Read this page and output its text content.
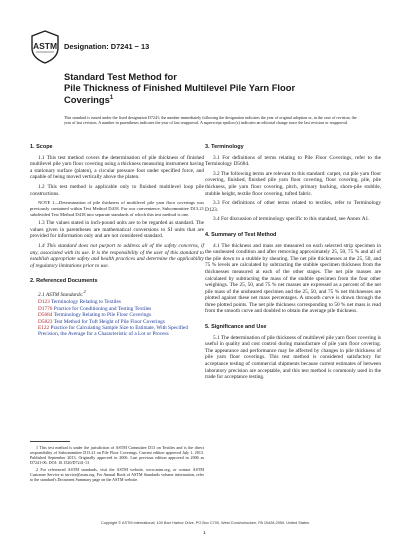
ASTM Designation: D7241 − 13
Standard Test Method for
Pile Thickness of Finished Multilevel Pile Yarn Floor
Coverings$^1$
This standard is issued under the fixed designation D7241; the number immediately following the designation indicates the year of original adoption or, in the case of revision, the year of last revision. A number in parentheses indicates the year of last reapproval. A superscript epsilon (ε) indicates an editorial change since the last revision or reapproval.
1. Scope

1.1 This test method covers the determination of pile thickness of finished multilevel pile yarn floor covering using a thickness measuring instrument having a stationary surface (platen), a circular pressure foot under specified force, and capable of being moved vertically above the platen.

1.2 This test method is applicable only to finished multilevel loop pile constructions.

NOTE 1—Determination of pile thickness of multilevel pile yarn floor coverings was previously contained within Test Method D418. For our convenience, Subcommittee D13.21 subdivided Test Method D418 into separate standards of which this test method is one.

1.3 The values stated in inch-pound units are to be regarded as standard. The values given in parentheses are mathematical conversions to SI units that are provided for information only and are not considered standard.

1.4 This standard does not purport to address all of the safety concerns, if any, associated with its use. It is the responsibility of the user of this standard to establish appropriate safety and health practices and determine the applicability of regulatory limitations prior to use.

2. Referenced Documents
2.1 ASTM Standards:$^2$
D123 Terminology Relating to Textiles
D1776 Practice for Conditioning and Testing Textiles
D5684 Terminology Relating to Pile Floor Coverings
D5823 Test Method for Tuft Height of Pile Floor Coverings
E122 Practice for Calculating Sample Size to Estimate, With Specified Precision, the Average for a Characteristic of a Lot or Process

1 This test method is under the jurisdiction of ASTM Committee D13 on Textiles and is the direct responsibility of Subcommittee D13.21 on Pile Floor Coverings. Current edition approved July 1, 2013. Published September 2013. Originally approved in 2006. Last previous edition approved in 2006 as D7241-06. DOI: 10.1520/D7241-13

2 For referenced ASTM standards, visit the ASTM website, www.astm.org, or contact ASTM Customer Service at service@astm.org. For Annual Book of ASTM Standards volume information, refer to the standard's Document Summary page on the ASTM website.

3. Terminology

3.1 For definitions of terms relating to Pile Floor Coverings, refer to the Terminology D5684.

3.2 The following terms are relevant to this standard: carpet, cut pile yarn floor covering, finished, finished pile yarn floor covering, floor covering, pile, pile thickness, pile yarn floor covering, pitch, primary backing, shorn-pile stubble, stubble height, textile floor covering, tufted fabric.

3.3 For definitions of other terms related to textiles, refer to Terminology D123.

3.4 For discussion of terminology specific to this standard, see Annex A1.

4. Summary of Test Method

4.1 The thickness and mass are measured on each selected strip specimen in the unsheared condition and after removing approximately 25, 50, 75 % and all of the pile down to a stubble by shearing. The net pile thicknesses at the 25, 50, and 75 % levels are calculated by subtracting the stubble specimen thickness from the thicknesses measured at each of the other stages. The net pile masses are calculated by subtracting the mass of the stubble specimen from the four other weighings. The 25, 50, and 75 % net masses are expressed as a percent of the net pile mass of the unsheared specimen and the 25, 50, and 75 % net thicknesses are plotted against these net mass percentages. A smooth curve is drawn through the three plotted points. The net pile thickness corresponding to 50 % net mass is read from the smooth curve and doubled to obtain the average pile thickness.

5. Significance and Use

5.1 The determination of pile thickness of multilevel pile yarn floor covering is useful in quality and cost control during manufacture of pile yarn floor covering. The appearance and performance may be affected by changes in pile thickness of pile yarn floor coverings. This test method is considered satisfactory for acceptance testing of commercial shipments because current estimates of between laboratory precision are acceptable, and this test method is commonly used in the trade for acceptance testing.

Copyright © ASTM International, 100 Barr Harbor Drive, PO Box C700, West Conshohocken, PA 19428-2959. United States
1
